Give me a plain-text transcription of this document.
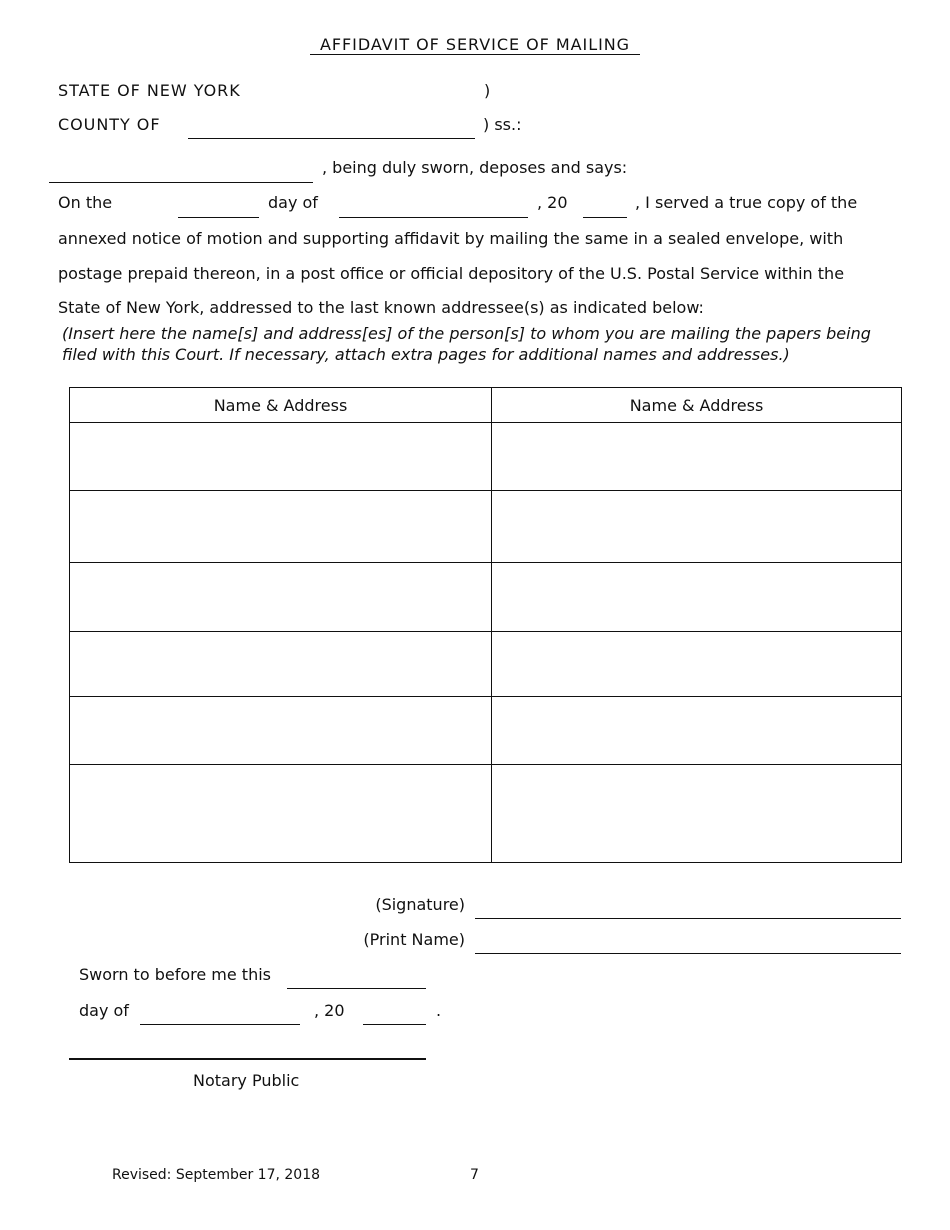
AFFIDAVIT OF SERVICE OF MAILING
STATE OF NEW YORK	)
COUNTY OF	) ss.:
, being duly sworn, deposes and says:
On the	day of	, 20	, I served a true copy of the
annexed notice of motion and supporting affidavit by mailing the same in a sealed envelope, with
postage prepaid thereon, in a post office or official depository of the U.S. Postal Service within the
State of New York, addressed to the last known addressee(s) as indicated below:
(Insert here the name[s] and address[es] of the person[s] to whom you are mailing the papers being
filed with this Court. If necessary, attach extra pages for additional names and addresses.)
Name & Address	Name & Address

(Signature)
(Print Name)
Sworn to before me this
day of	, 20	.
Notary Public
Revised: September 17, 2018	7
